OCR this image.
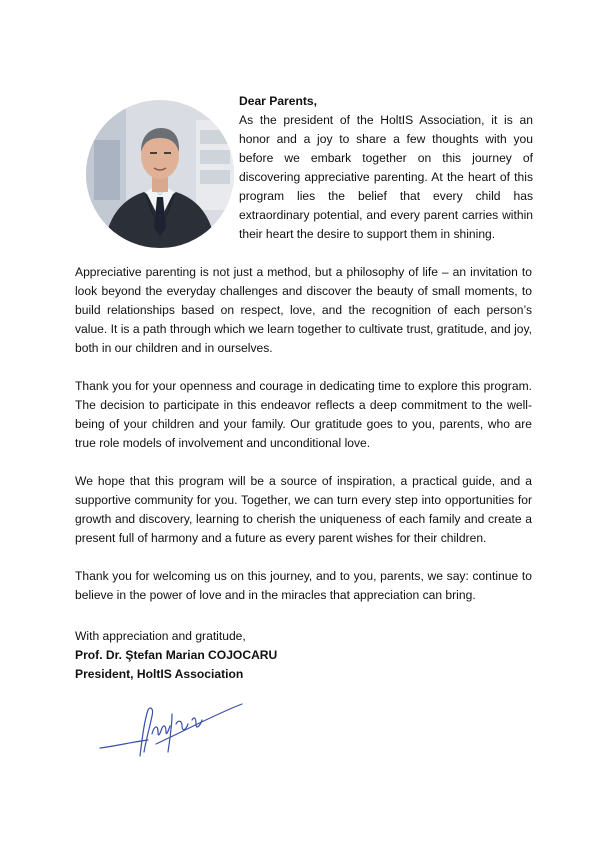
Dear Parents,
As the president of the HoltIS Association, it is an honor and a joy to share a few thoughts with you before we embark together on this journey of discovering appreciative parenting. At the heart of this program lies the belief that every child has extraordinary potential, and every parent carries within their heart the desire to support them in shining.

Appreciative parenting is not just a method, but a philosophy of life – an invitation to look beyond the everyday challenges and discover the beauty of small moments, to build relationships based on respect, love, and the recognition of each person’s value. It is a path through which we learn together to cultivate trust, gratitude, and joy, both in our children and in ourselves.

Thank you for your openness and courage in dedicating time to explore this program. The decision to participate in this endeavor reflects a deep commitment to the well-being of your children and your family. Our gratitude goes to you, parents, who are true role models of involvement and unconditional love.

We hope that this program will be a source of inspiration, a practical guide, and a supportive community for you. Together, we can turn every step into opportunities for growth and discovery, learning to cherish the uniqueness of each family and create a present full of harmony and a future as every parent wishes for their children.

Thank you for welcoming us on this journey, and to you, parents, we say: continue to believe in the power of love and in the miracles that appreciation can bring.

With appreciation and gratitude,
Prof. Dr. Ştefan Marian COJOCARU
President, HoltIS Association
